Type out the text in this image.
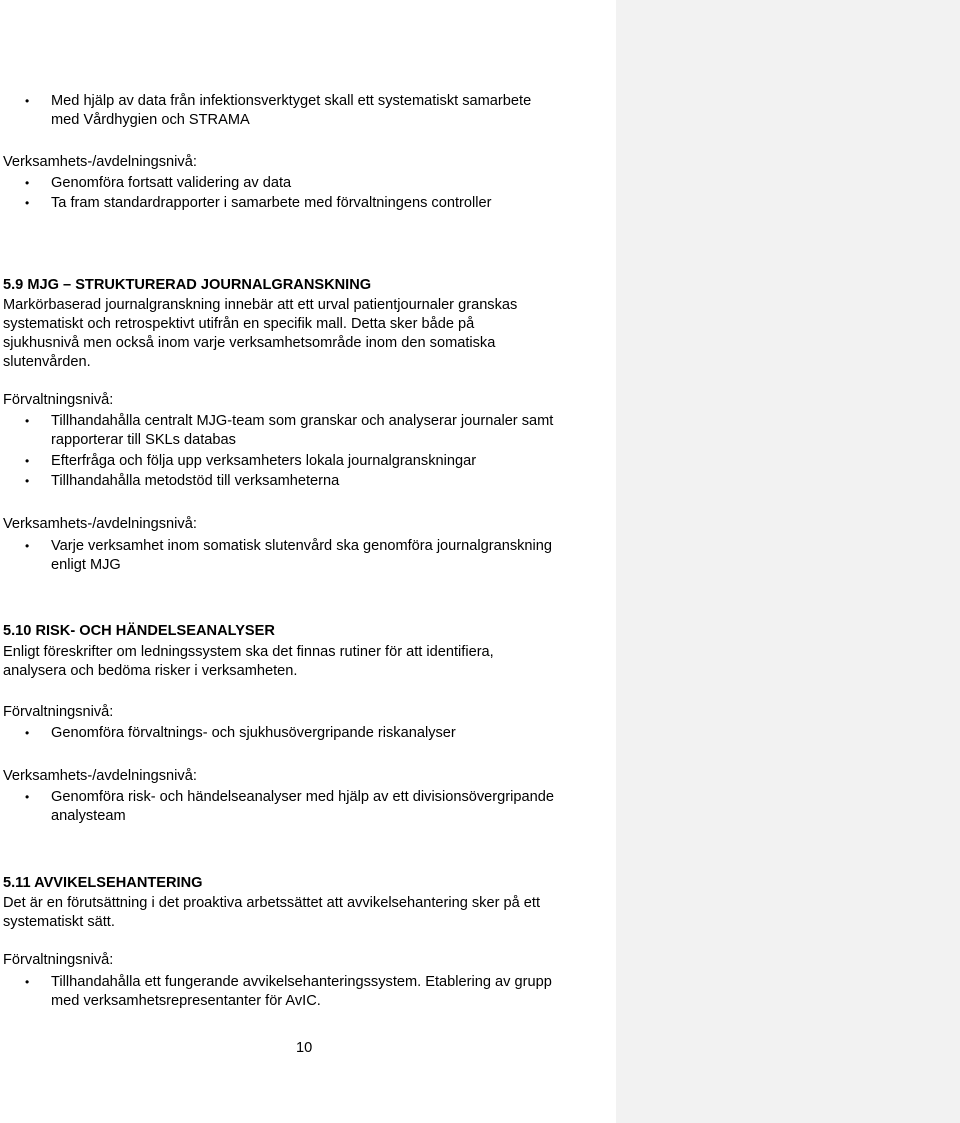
• Med hjälp av data från infektionsverktyget skall ett systematiskt samarbete
med Vårdhygien och STRAMA
Verksamhets-/avdelningsnivå:
• Genomföra fortsatt validering av data
• Ta fram standardrapporter i samarbete med förvaltningens controller
5.9 MJG – STRUKTURERAD JOURNALGRANSKNING
Markörbaserad journalgranskning innebär att ett urval patientjournaler granskas
systematiskt och retrospektivt utifrån en specifik mall. Detta sker både på
sjukhusnivå men också inom varje verksamhetsområde inom den somatiska
slutenvården.
Förvaltningsnivå:
• Tillhandahålla centralt MJG-team som granskar och analyserar journaler samt
rapporterar till SKLs databas
• Efterfråga och följa upp verksamheters lokala journalgranskningar
• Tillhandahålla metodstöd till verksamheterna
Verksamhets-/avdelningsnivå:
• Varje verksamhet inom somatisk slutenvård ska genomföra journalgranskning
enligt MJG
5.10 RISK- OCH HÄNDELSEANALYSER
Enligt föreskrifter om ledningssystem ska det finnas rutiner för att identifiera,
analysera och bedöma risker i verksamheten.
Förvaltningsnivå:
• Genomföra förvaltnings- och sjukhusövergripande riskanalyser
Verksamhets-/avdelningsnivå:
• Genomföra risk- och händelseanalyser med hjälp av ett divisionsövergripande
analysteam
5.11 AVVIKELSEHANTERING
Det är en förutsättning i det proaktiva arbetssättet att avvikelsehantering sker på ett
systematiskt sätt.
Förvaltningsnivå:
• Tillhandahålla ett fungerande avvikelsehanteringssystem. Etablering av grupp
med verksamhetsrepresentanter för AvIC.
10
